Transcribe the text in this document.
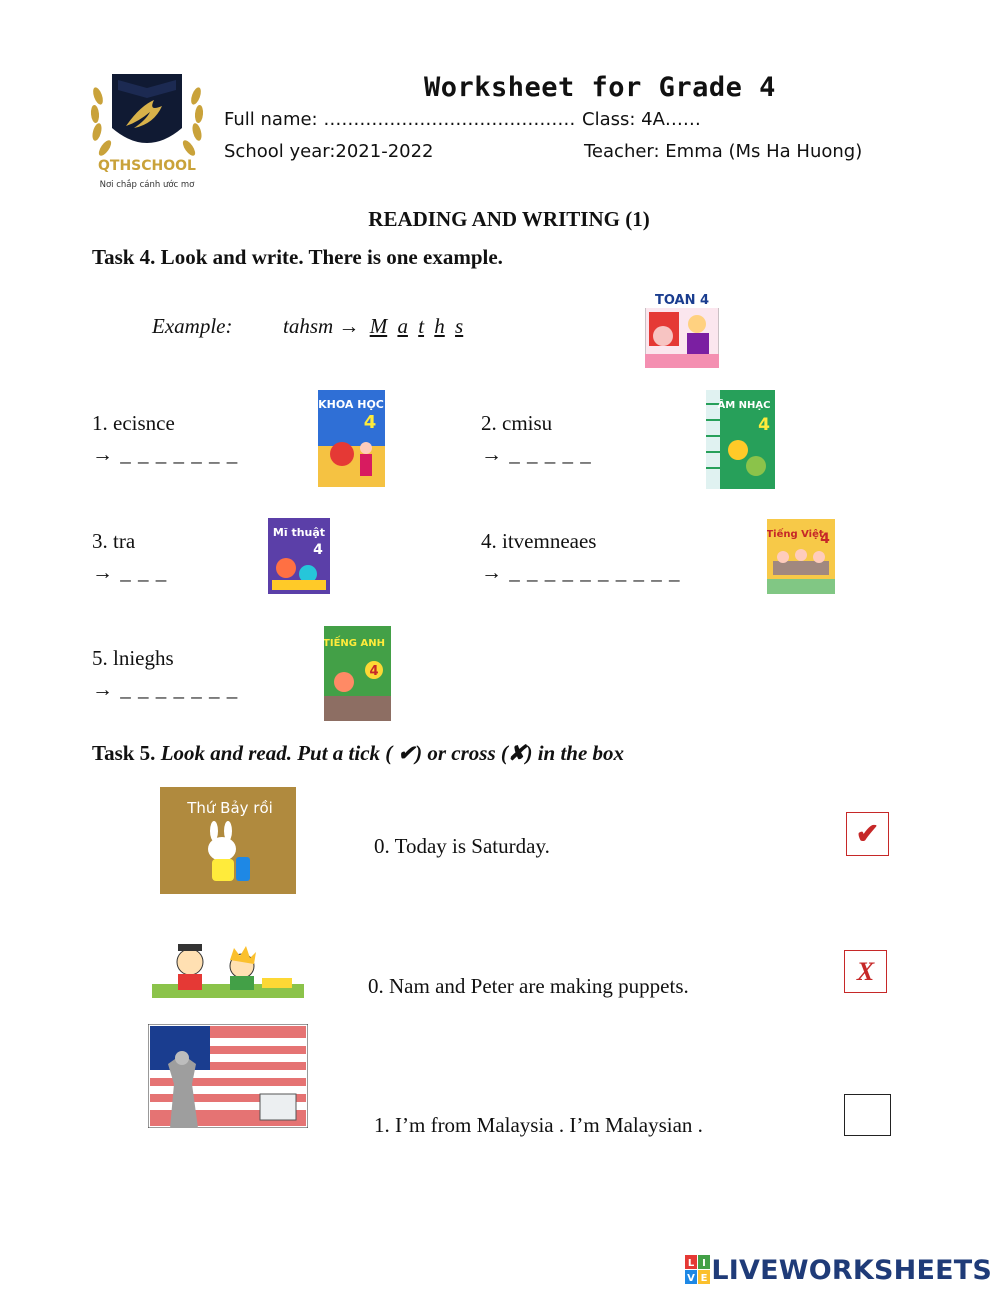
QTHSCHOOL
Nơi chắp cánh ước mơ
Worksheet for Grade 4
Full name: …………………………………… Class: 4A……
School year:2021-2022	Teacher: Emma (Ms Ha Huong)
READING AND WRITING (1)
Task 4. Look and write. There is one example.
Example: tahsm → M a t h s
TOAN 4
1. ecisnce
→ _ _ _ _ _ _ _
KHOA HỌC
4	2. cmisu
→ _ _ _ _ _
ÂM NHẠC
4
3. tra
→ _ _ _
Mĩ thuật
4	4. itvemneaes
→ _ _ _ _ _ _ _ _ _ _
Tiếng Việt
4
5. lnieghs
→ _ _ _ _ _ _ _
TIẾNG ANH
4
Task 5. Look and read. Put a tick ( ✔) or cross (✘) in the box
Thứ Bảy rồi
0. Today is Saturday.	✔
0. Nam and Peter are making puppets.
X
1. I’m from Malaysia . I’m Malaysian .
L I
V E LIVEWORKSHEETS
